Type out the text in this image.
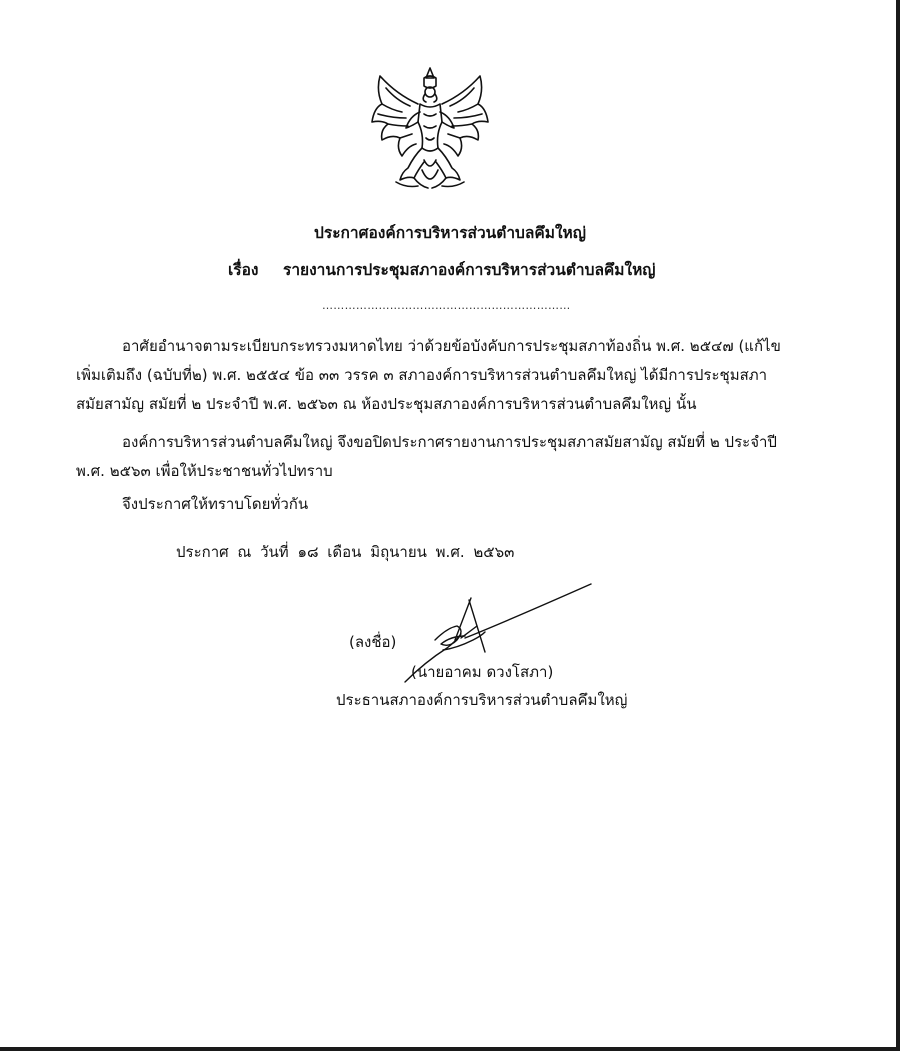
ประกาศองค์การบริหารส่วนตำบลคึมใหญ่
เรื่อง รายงานการประชุมสภาองค์การบริหารส่วนตำบลคึมใหญ่
…………………………………………………………
อาศัยอำนาจตามระเบียบกระทรวงมหาดไทย ว่าด้วยข้อบังคับการประชุมสภาท้องถิ่น พ.ศ. ๒๕๔๗ (แก้ไข
เพิ่มเติมถึง (ฉบับที่๒) พ.ศ. ๒๕๕๔ ข้อ ๓๓ วรรค ๓ สภาองค์การบริหารส่วนตำบลคึมใหญ่ ได้มีการประชุมสภา
สมัยสามัญ สมัยที่ ๒ ประจำปี พ.ศ. ๒๕๖๓ ณ ห้องประชุมสภาองค์การบริหารส่วนตำบลคึมใหญ่ นั้น
องค์การบริหารส่วนตำบลคึมใหญ่ จึงขอปิดประกาศรายงานการประชุมสภาสมัยสามัญ สมัยที่ ๒ ประจำปี
พ.ศ. ๒๕๖๓ เพื่อให้ประชาชนทั่วไปทราบ
จึงประกาศให้ทราบโดยทั่วกัน
ประกาศ ณ วันที่ ๑๘ เดือน มิถุนายน พ.ศ. ๒๕๖๓
(ลงชื่อ)
(นายอาคม ดวงโสภา)
ประธานสภาองค์การบริหารส่วนตำบลคึมใหญ่
